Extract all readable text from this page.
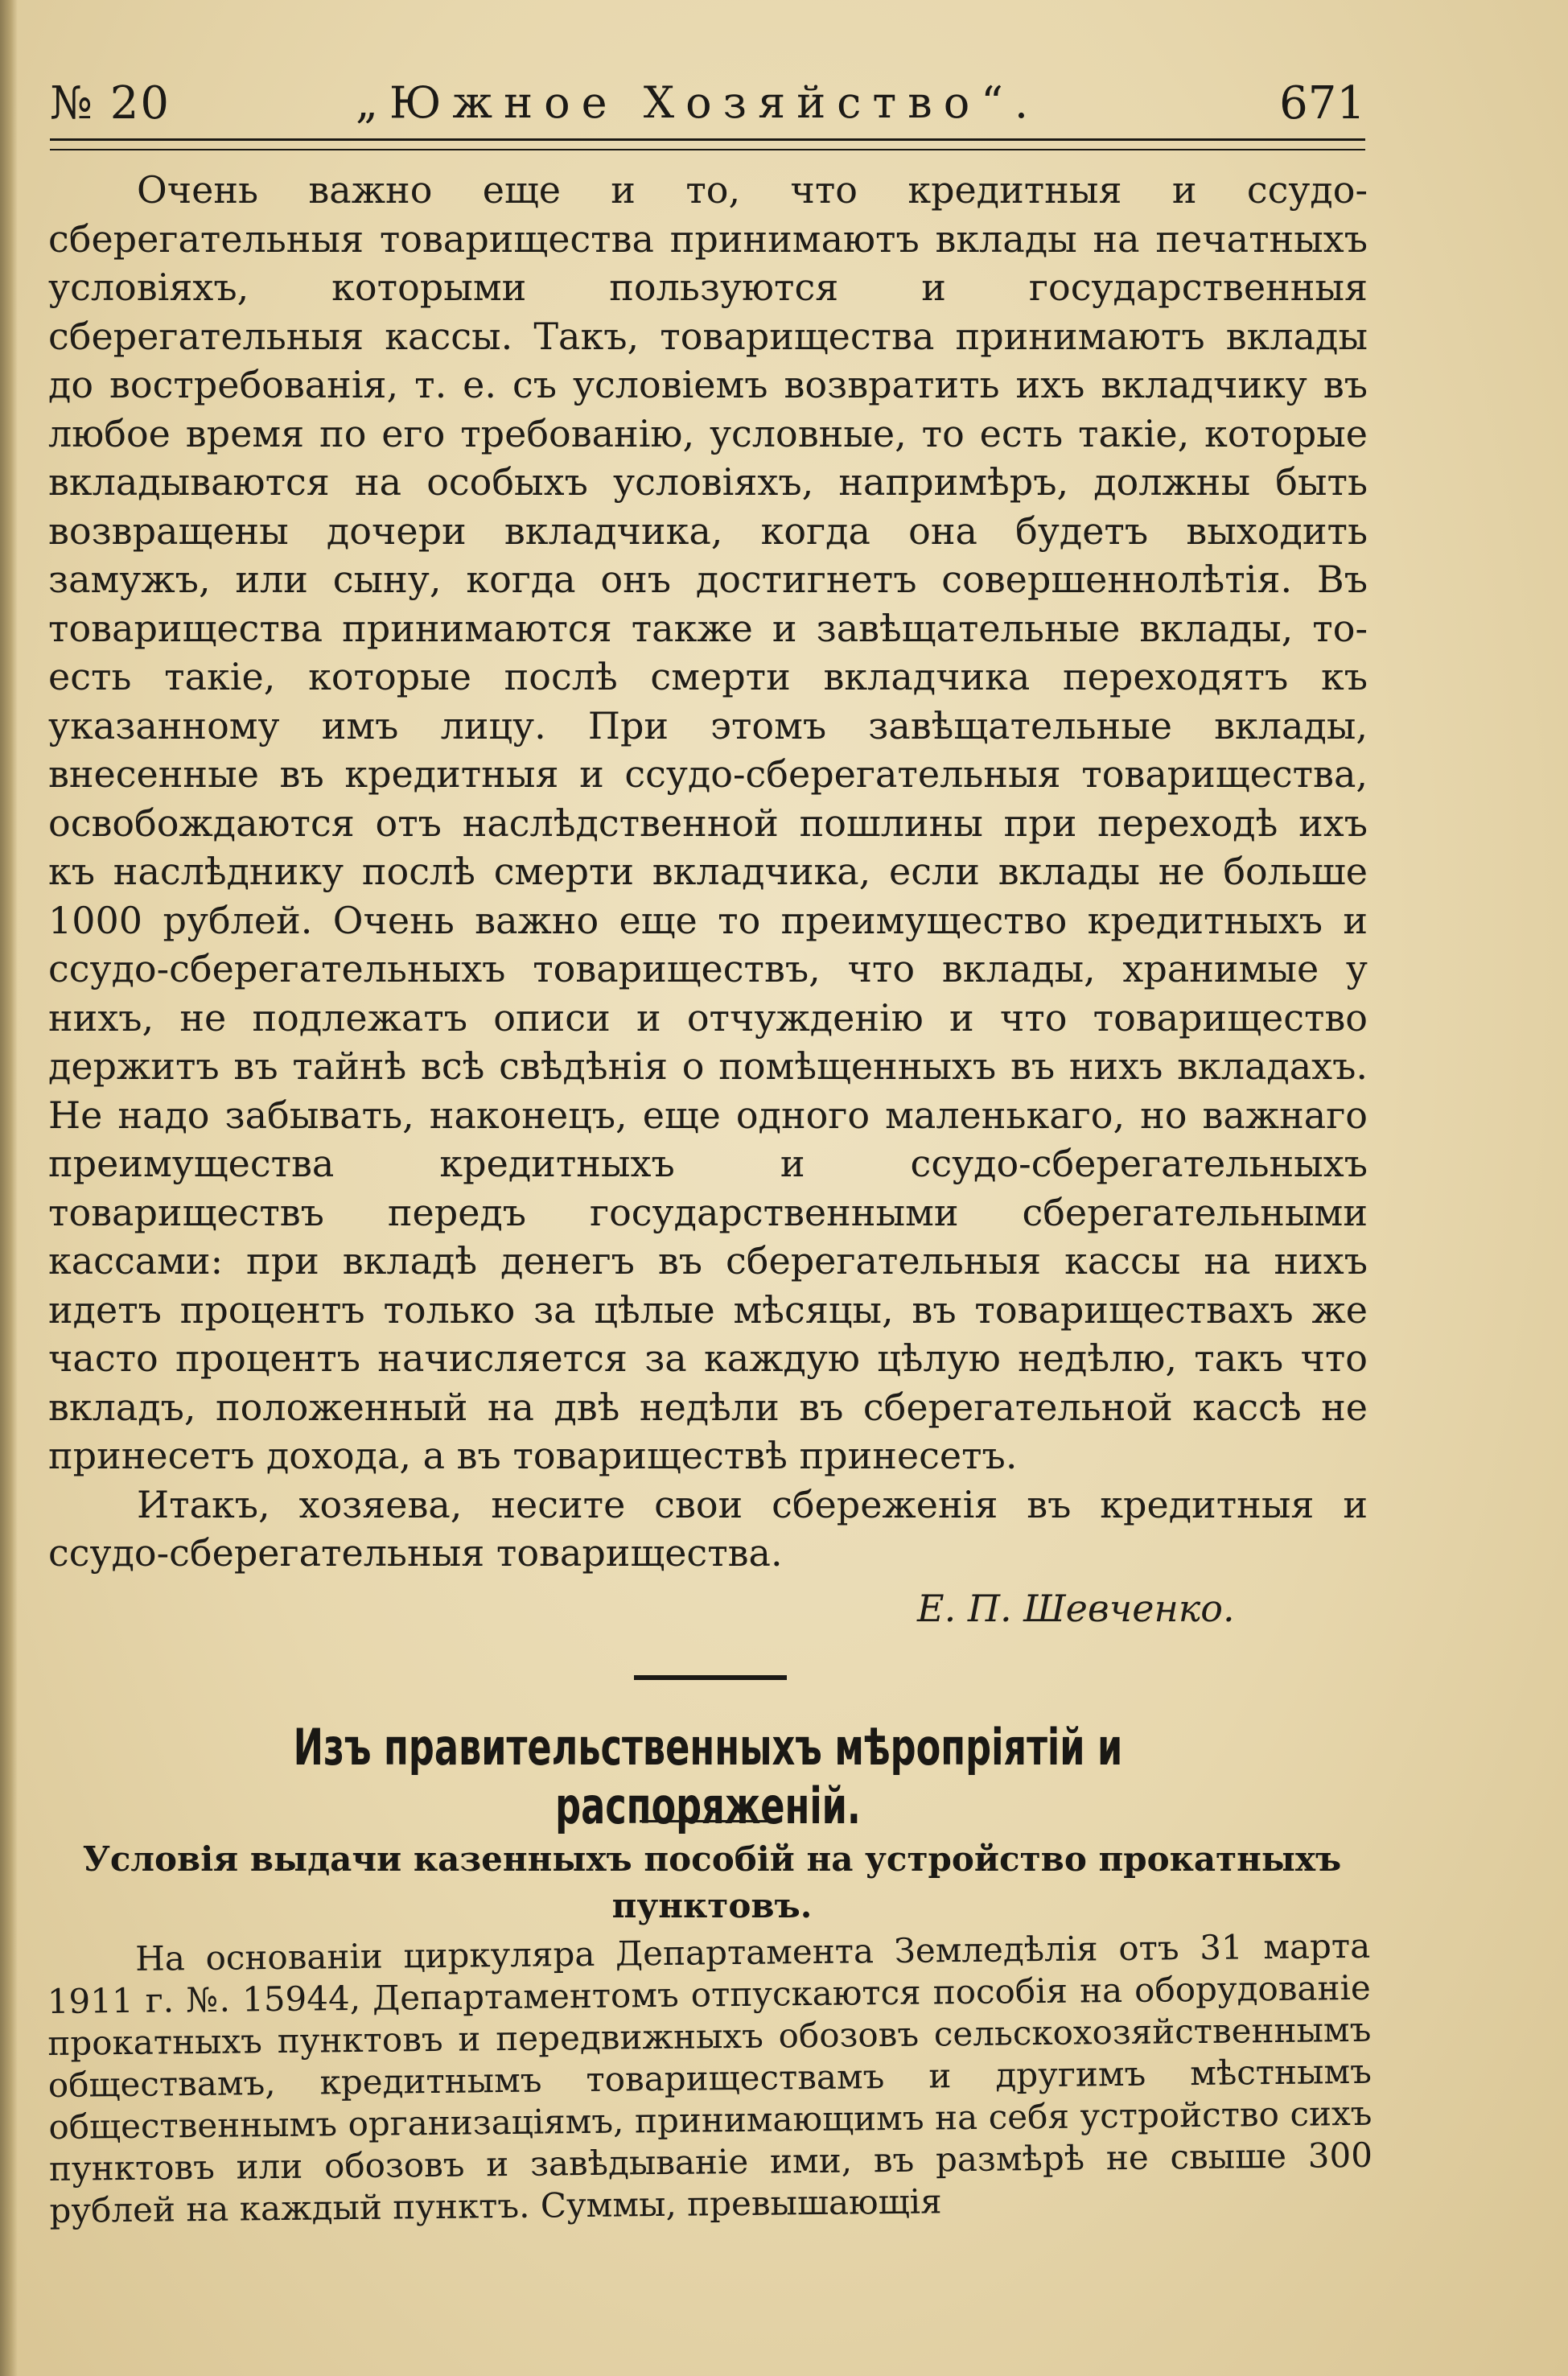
№ 20	„Южное Хозяйство“.	671

Очень важно еще и то, что кредитныя и ссудо-сберегательныя товарищества принимаютъ вклады на печатныхъ условіяхъ, которыми пользуются и государственныя сберегательныя кассы. Такъ, товарищества принимаютъ вклады до востребованія, т. е. съ условіемъ возвратить ихъ вкладчику въ любое время по его требованію, условные, то есть такіе, которые вкладываются на особыхъ условіяхъ, напримѣръ, должны быть возвращены дочери вкладчика, когда она будетъ выходить замужъ, или сыну, когда онъ достигнетъ совершеннолѣтія. Въ товарищества принимаются также и завѣщательные вклады, то-есть такіе, которые послѣ смерти вкладчика переходятъ къ указанному имъ лицу. При этомъ завѣщательные вклады, внесенные въ кредитныя и ссудо-сберегательныя товарищества, освобождаются отъ наслѣдственной пошлины при переходѣ ихъ къ наслѣднику послѣ смерти вкладчика, если вклады не больше 1000 рублей. Очень важно еще то преимущество кредитныхъ и ссудо-сберегательныхъ товариществъ, что вклады, хранимые у нихъ, не подлежатъ описи и отчужденію и что товарищество держитъ въ тайнѣ всѣ свѣдѣнія о помѣщенныхъ въ нихъ вкладахъ. Не надо забывать, наконецъ, еще одного маленькаго, но важнаго преимущества кредитныхъ и ссудо-сберегательныхъ товариществъ передъ государственными сберегательными кассами: при вкладѣ денегъ въ сберегательныя кассы на нихъ идетъ процентъ только за цѣлые мѣсяцы, въ товариществахъ же часто процентъ начисляется за каждую цѣлую недѣлю, такъ что вкладъ, положенный на двѣ недѣли въ сберегательной кассѣ не принесетъ дохода, а въ товариществѣ принесетъ.

Итакъ, хозяева, несите свои сбереженія въ кредитныя и ссудо-сберегательныя товарищества.

Е. П. Шевченко.
Изъ правительственныхъ мѣропріятій и распоряженій.
Условія выдачи казенныхъ пособій на устройство прокатныхъ пунктовъ.

На основаніи циркуляра Департамента Земледѣлія отъ 31 марта 1911 г. №. 15944, Департаментомъ отпускаются пособія на оборудованіе прокатныхъ пунктовъ и передвижныхъ обозовъ сельскохозяйственнымъ обществамъ, кредитнымъ товариществамъ и другимъ мѣстнымъ общественнымъ организаціямъ, принимающимъ на себя устройство сихъ пунктовъ или обозовъ и завѣдываніе ими, въ размѣрѣ не свыше 300 рублей на каждый пунктъ. Суммы, превышающія
